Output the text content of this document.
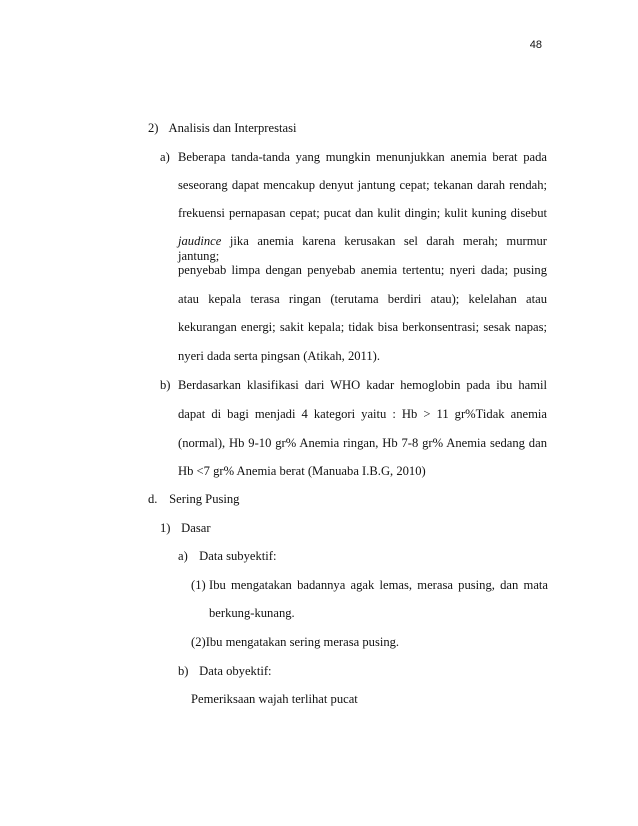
48
2) Analisis dan Interprestasi
a) Beberapa tanda-tanda yang mungkin menunjukkan anemia berat pada
seseorang dapat mencakup denyut jantung cepat; tekanan darah rendah;
frekuensi pernapasan cepat; pucat dan kulit dingin; kulit kuning disebut
jaudince jika anemia karena kerusakan sel darah merah; murmur jantung;
penyebab limpa dengan penyebab anemia tertentu; nyeri dada; pusing
atau kepala terasa ringan (terutama berdiri atau); kelelahan atau
kekurangan energi; sakit kepala; tidak bisa berkonsentrasi; sesak napas;
nyeri dada serta pingsan (Atikah, 2011).
b) Berdasarkan klasifikasi dari WHO kadar hemoglobin pada ibu hamil
dapat di bagi menjadi 4 kategori yaitu : Hb > 11 gr%Tidak anemia
(normal), Hb 9-10 gr% Anemia ringan, Hb 7-8 gr% Anemia sedang dan
Hb <7 gr% Anemia berat (Manuaba I.B.G, 2010)
d. Sering Pusing
1) Dasar
a) Data subyektif:
(1) Ibu mengatakan badannya agak lemas, merasa pusing, dan mata
berkung-kunang.
(2)Ibu mengatakan sering merasa pusing.
b) Data obyektif:
Pemeriksaan wajah terlihat pucat
